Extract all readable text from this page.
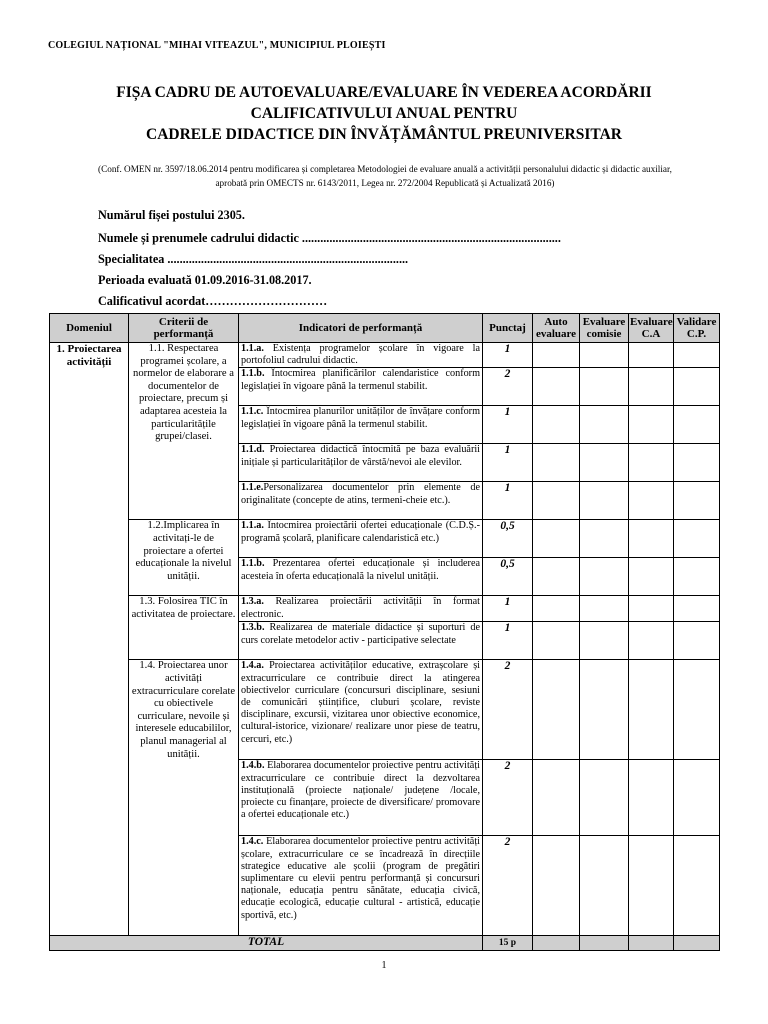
COLEGIUL NAȚIONAL "MIHAI VITEAZUL", MUNICIPIUL PLOIEȘTI
FIȘA CADRU DE AUTOEVALUARE/EVALUARE ÎN VEDEREA ACORDĂRII
CALIFICATIVULUI ANUAL PENTRU
CADRELE DIDACTICE DIN ÎNVĂȚĂMÂNTUL PREUNIVERSITAR
(Conf. OMEN nr. 3597/18.06.2014 pentru modificarea și completarea Metodologiei de evaluare anuală a activității personalului didactic și didactic auxiliar,
aprobată prin OMECTS nr. 6143/2011, Legea nr. 272/2004 Republicată și Actualizată 2016)
Numărul fișei postului 2305.
Numele și prenumele cadrului didactic .....................................................................................
Specialitatea ...............................................................................
Perioada evaluată 01.09.2016-31.08.2017.
Calificativul acordat…………………………
Domeniul	Criterii de performanță	Indicatori de performanță	Punctaj	Auto evaluare	Evaluare comisie	Evaluare C.A	Validare C.P.
1. Proiectarea activității	1.1. Respectarea programei școlare, a normelor de elaborare a documentelor de proiectare, precum și adaptarea acesteia la particularitățile grupei/clasei.	1.1.a. Existența programelor școlare în vigoare la portofoliul cadrului didactic.	1				
		1.1.b. Întocmirea planificărilor calendaristice conform legislației în vigoare până la termenul stabilit.	2				
		1.1.c. Întocmirea planurilor unităților de învățare conform legislației în vigoare până la termenul stabilit.	1				
		1.1.d. Proiectarea didactică întocmită pe baza evaluării inițiale și particularităților de vârstă/nevoi ale elevilor.	1				
		1.1.e.Personalizarea documentelor prin elemente de originalitate (concepte de atins, termeni-cheie etc.).	1				
	1.2.Implicarea în activitați-le de proiectare a ofertei educaționale la nivelul unității.	1.1.a. Întocmirea proiectării ofertei educaționale (C.D.Ș.- programă școlară, planificare calendaristică etc.)	0,5				
		1.1.b. Prezentarea ofertei educaționale și includerea acesteia în oferta educațională la nivelul unității.	0,5				
	1.3. Folosirea TIC în activitatea de proiectare.	1.3.a. Realizarea proiectării activității în format electronic.	1				
		1.3.b. Realizarea de materiale didactice și suporturi de curs corelate metodelor activ - participative selectate	1				
	1.4. Proiectarea unor activități extracurriculare corelate cu obiectivele curriculare, nevoile și interesele educabililor, planul managerial al unității.	1.4.a. Proiectarea activităților educative, extrașcolare și extracurriculare ce contribuie direct la atingerea obiectivelor curriculare (concursuri disciplinare, sesiuni de comunicări științifice, cluburi școlare, reviste disciplinare, excursii, vizitarea unor obiective economice, cultural-istorice, vizionare/ realizare unor piese de teatru, cercuri, etc.)	2				
		1.4.b. Elaborarea documentelor proiective pentru activități extracurriculare ce contribuie direct la dezvoltarea instituțională (proiecte naționale/ județene /locale, proiecte cu finanțare, proiecte de diversificare/ promovare a ofertei educaționale etc.)	2				
		1.4.c. Elaborarea documentelor proiective pentru activități școlare, extracurriculare ce se încadrează în direcțiile strategice educative ale școlii (program de pregătiri suplimentare cu elevii pentru performanță și concursuri naționale, educația pentru sănătate, educația civică, educație ecologică, educație cultural - artistică, educație sportivă, etc.)	2				
TOTAL			15 p				
1
